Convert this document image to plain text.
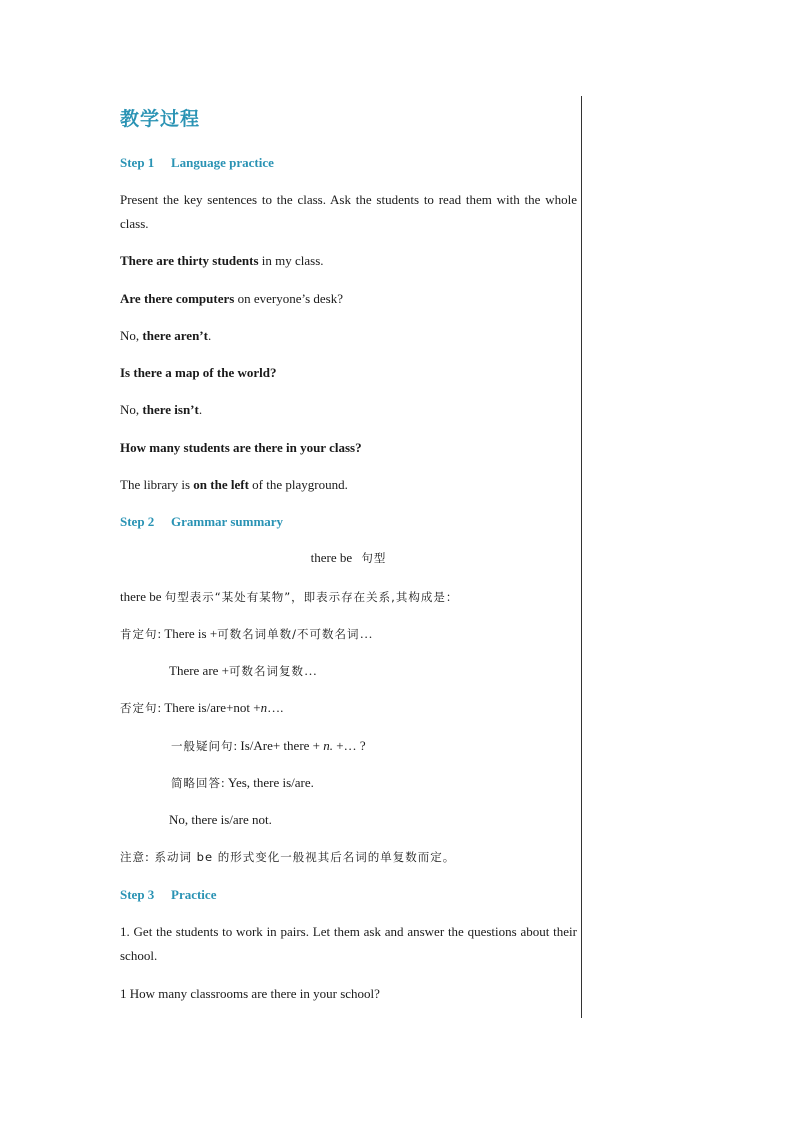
教学过程
Step 1 Language practice
Present the key sentences to the class. Ask the students to read them with the whole class.
There are thirty students in my class.
Are there computers on everyone’s desk?
No, there aren’t.
Is there a map of the world?
No, there isn’t.
How many students are there in your class?
The library is on the left of the playground.
Step 2 Grammar summary
there be 句型
there be 句型表示“某处有某物”，即表示存在关系,其构成是：
肯定句: There is +可数名词单数/不可数名词…
There are +可数名词复数…
否定句: There is/are+not +n….
一般疑问句: Is/Are+ there + n. +… ?
简略回答: Yes, there is/are.
No, there is/are not.
注意: 系动词 be 的形式变化一般视其后名词的单复数而定。
Step 3 Practice
1. Get the students to work in pairs. Let them ask and answer the questions about their school.
1 How many classrooms are there in your school?
